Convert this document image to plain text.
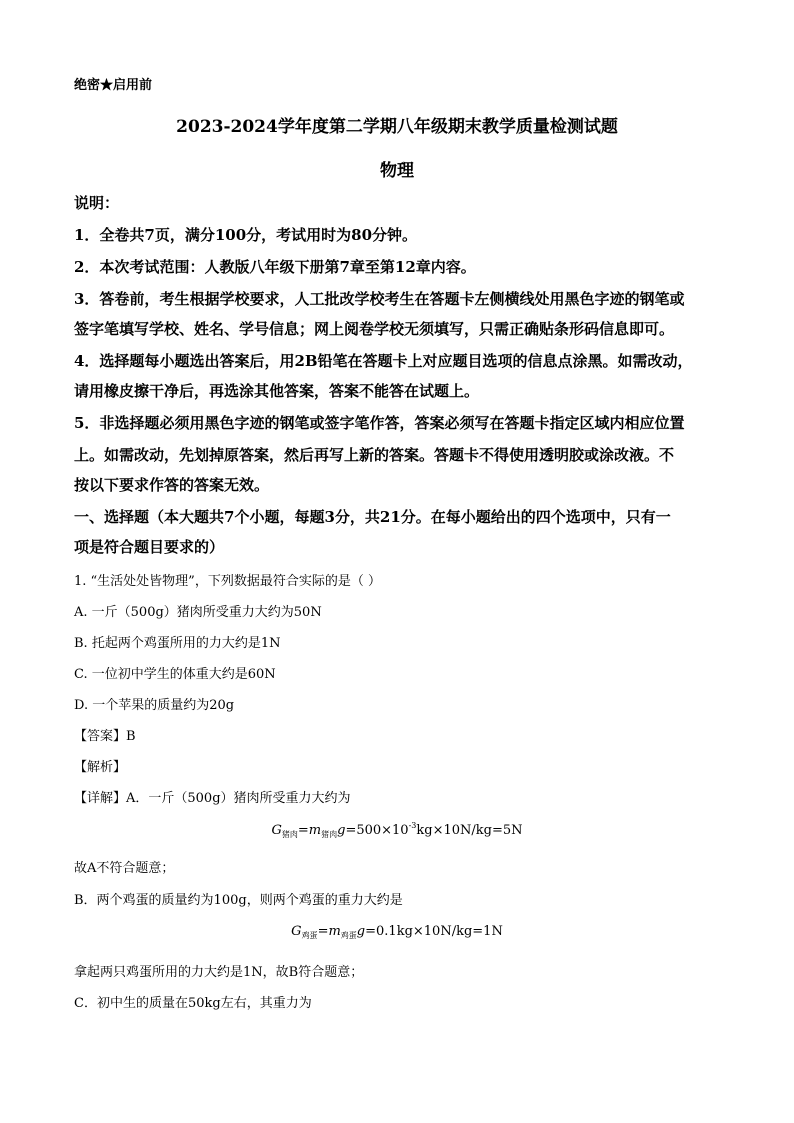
绝密★启用前
2023-2024学年度第二学期八年级期末教学质量检测试题
物理
说明：
1．全卷共7页，满分100分，考试用时为80分钟。
2．本次考试范围：人教版八年级下册第7章至第12章内容。
3．答卷前，考生根据学校要求，人工批改学校考生在答题卡左侧横线处用黑色字迹的钢笔或
签字笔填写学校、姓名、学号信息；网上阅卷学校无须填写，只需正确贴条形码信息即可。
4．选择题每小题选出答案后，用2B铅笔在答题卡上对应题目选项的信息点涂黑。如需改动，
请用橡皮擦干净后，再选涂其他答案，答案不能答在试题上。
5．非选择题必须用黑色字迹的钢笔或签字笔作答，答案必须写在答题卡指定区域内相应位置
上。如需改动，先划掉原答案，然后再写上新的答案。答题卡不得使用透明胶或涂改液。不
按以下要求作答的答案无效。
一、选择题（本大题共7个小题，每题3分，共21分。在每小题给出的四个选项中，只有一
项是符合题目要求的）
1. “生活处处皆物理”，下列数据最符合实际的是（ ）
A. 一斤（500g）猪肉所受重力大约为50N
B. 托起两个鸡蛋所用的力大约是1N
C. 一位初中学生的体重大约是60N
D. 一个苹果的质量约为20g
【答案】B
【解析】
【详解】A．一斤（500g）猪肉所受重力大约为
$G_{猪肉}=m_{猪肉}g=500\times 10^{-3}kg\times 10N/kg=5N$
故A不符合题意；
B．两个鸡蛋的质量约为100g，则两个鸡蛋的重力大约是
$G_{鸡蛋}=m_{鸡蛋}g=0.1kg\times 10N/kg=1N$
拿起两只鸡蛋所用的力大约是1N，故B符合题意；
C．初中生的质量在50kg左右，其重力为
